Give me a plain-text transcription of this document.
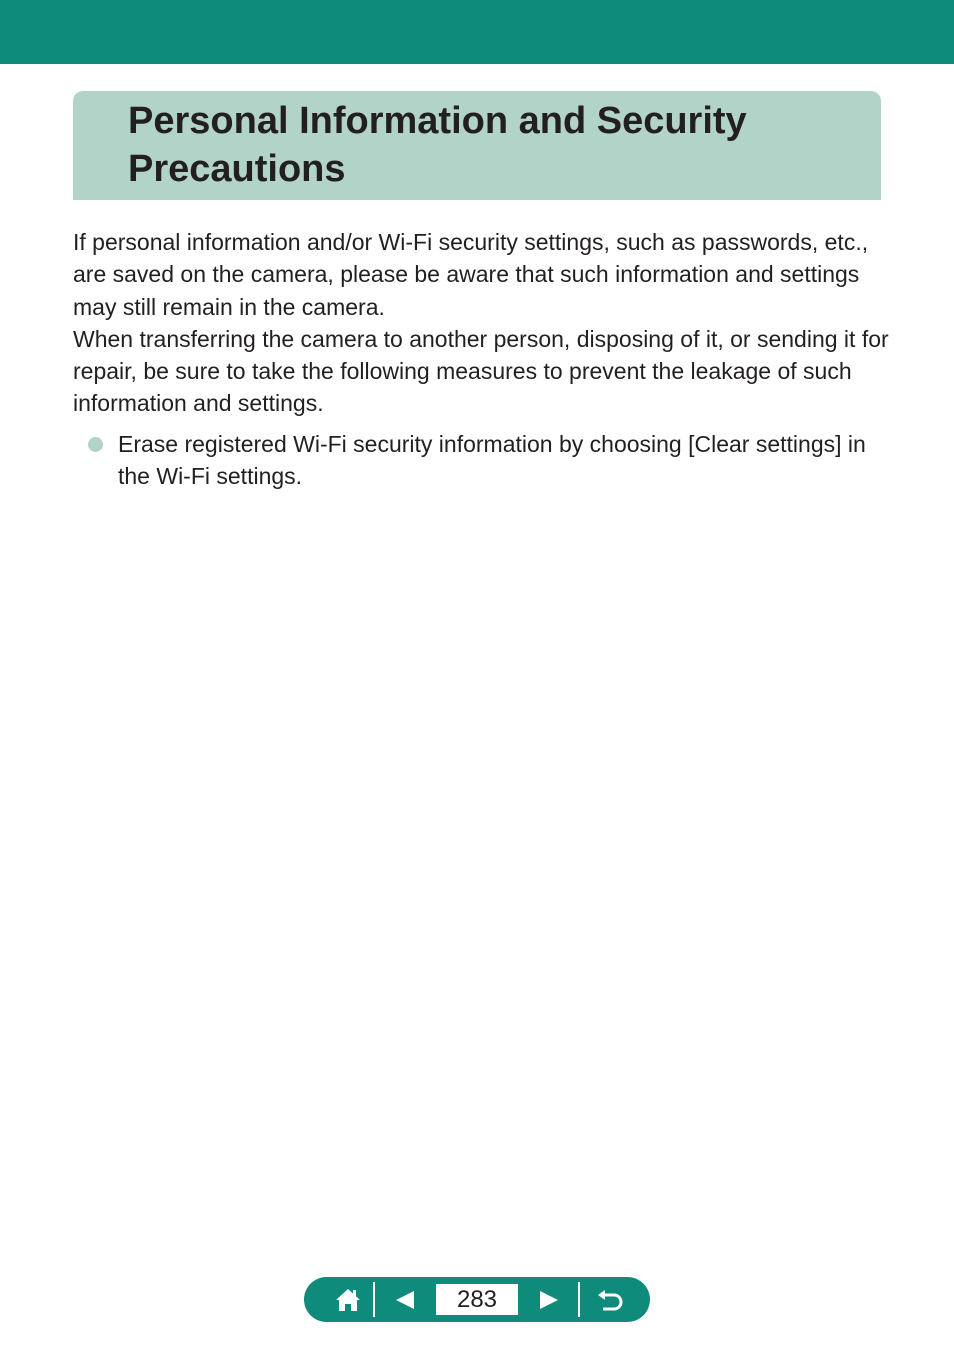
Personal Information and Security Precautions

If personal information and/or Wi-Fi security settings, such as passwords, etc., are saved on the camera, please be aware that such information and settings may still remain in the camera.

When transferring the camera to another person, disposing of it, or sending it for repair, be sure to take the following measures to prevent the leakage of such information and settings.

Erase registered Wi-Fi security information by choosing [Clear settings] in the Wi-Fi settings.

283
